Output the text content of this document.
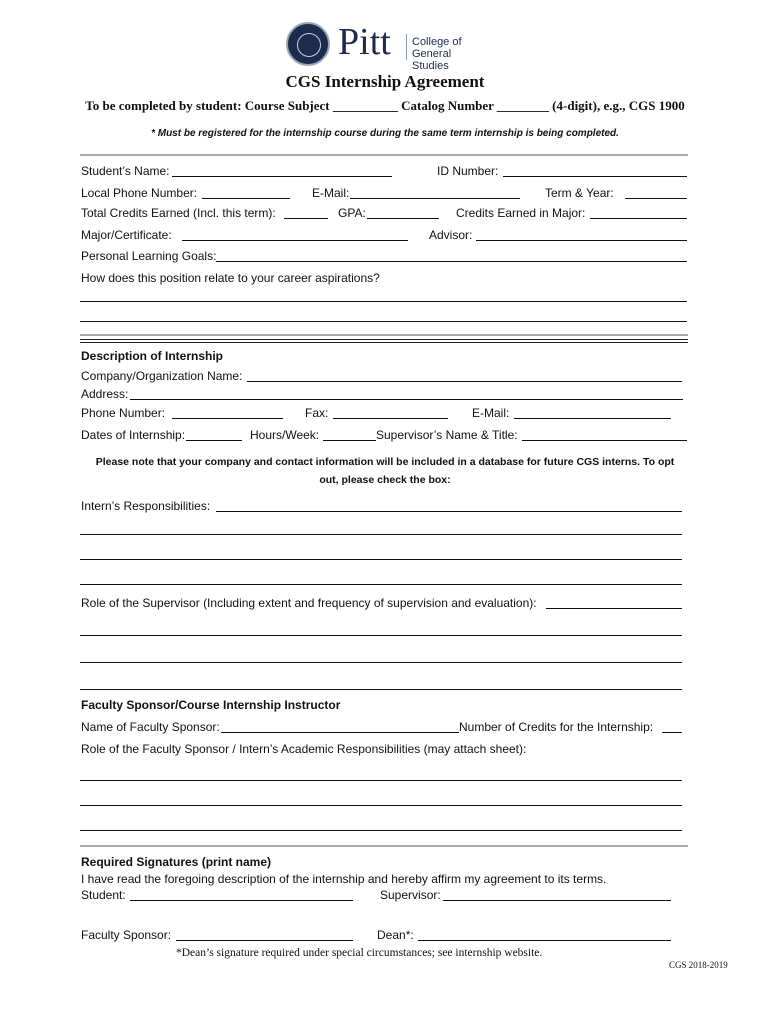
Pitt College of
General Studies
CGS Internship Agreement
To be completed by student: Course Subject __________ Catalog Number ________ (4-digit), e.g., CGS 1900
* Must be registered for the internship course during the same term internship is being completed.
Student’s Name:	ID Number:
Local Phone Number:	E-Mail:	Term & Year:
Total Credits Earned (Incl. this term):	GPA:	Credits Earned in Major:
Major/Certificate:	Advisor:
Personal Learning Goals:
How does this position relate to your career aspirations?
Description of Internship
Company/Organization Name:
Address:
Phone Number:	Fax:	E-Mail:
Dates of Internship:	Hours/Week:	Supervisor’s Name & Title:
Please note that your company and contact information will be included in a database for future CGS interns. To opt
out, please check the box:
Intern’s Responsibilities:
Role of the Supervisor (Including extent and frequency of supervision and evaluation):
Faculty Sponsor/Course Internship Instructor
Name of Faculty Sponsor:	Number of Credits for the Internship:
Role of the Faculty Sponsor / Intern’s Academic Responsibilities (may attach sheet):
Required Signatures (print name)
I have read the foregoing description of the internship and hereby affirm my agreement to its terms.
Student:	Supervisor:
Faculty Sponsor:	Dean*:
*Dean’s signature required under special circumstances; see internship website.
CGS 2018-2019
